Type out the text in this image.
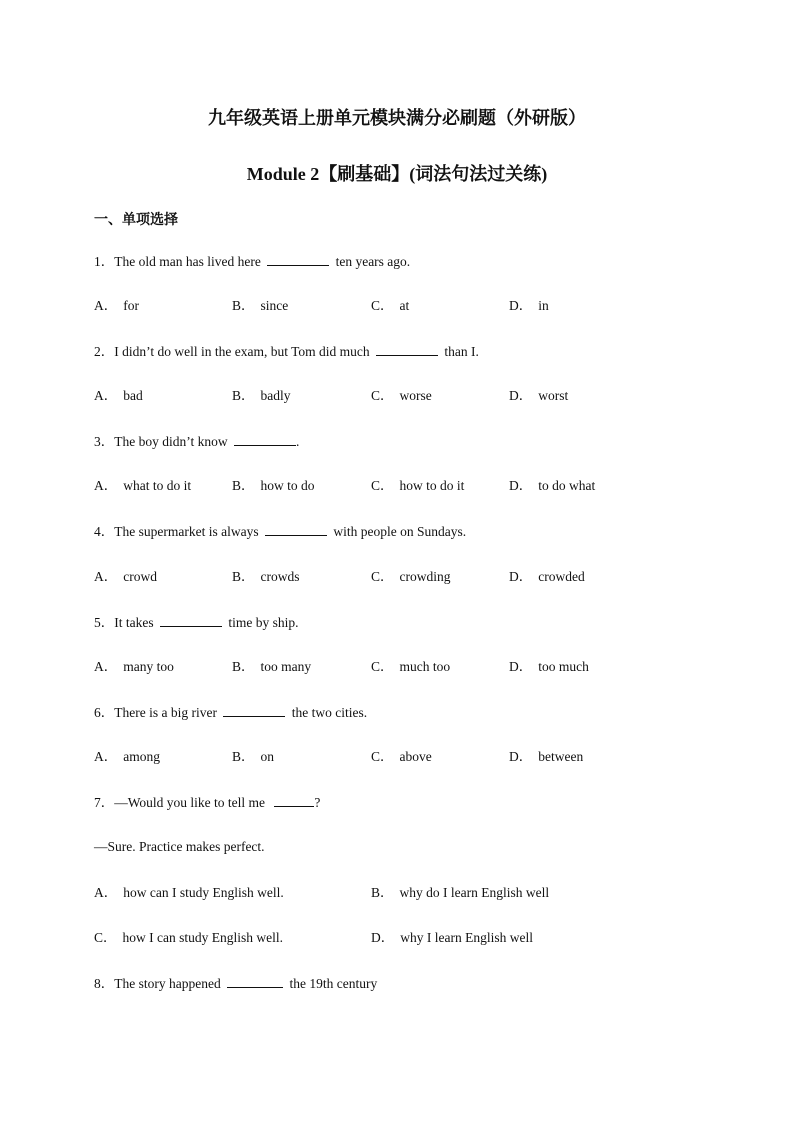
九年级英语上册单元模块满分必刷题（外研版）
Module 2【刷基础】(词法句法过关练)
一、单项选择
1．The old man has lived here	ten years ago.
A． for	B． since	C． at	D． in
2．I didn’t do well in the exam, but Tom did much	than I.
A． bad	B． badly	C． worse	D． worst
3．The boy didn’t know	.
A． what to do it	B． how to do	C． how to do it	D． to do what
4．The supermarket is always	with people on Sundays.
A． crowd	B． crowds	C． crowding	D． crowded
5．It takes	time by ship.
A． many too	B． too many	C． much too	D． too much
6．There is a big river	the two cities.
A． among	B． on	C． above	D． between
7．—Would you like to tell me	?
—Sure. Practice makes perfect.
A． how can I study English well.	B． why do I learn English well
C． how I can study English well.	D． why I learn English well
8．The story happened	the 19th century
